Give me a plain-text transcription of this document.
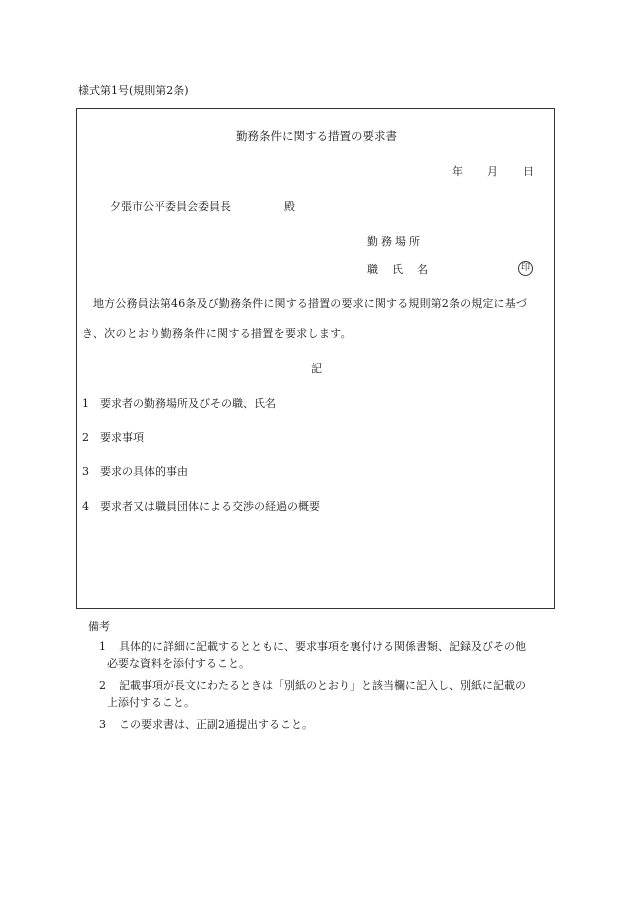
様式第1号(規則第2条)
勤務条件に関する措置の要求書
年 月 日
夕張市公平委員会委員長	殿
勤務場所
職 氏 名	印
地方公務員法第46条及び勤務条件に関する措置の要求に関する規則第2条の規定に基づ
き、次のとおり勤務条件に関する措置を要求します。
記
1 要求者の勤務場所及びその職、氏名
2 要求事項
3 要求の具体的事由
4 要求者又は職員団体による交渉の経過の概要
備考
1 具体的に詳細に記載するとともに、要求事項を裏付ける関係書類、記録及びその他
必要な資料を添付すること。
2 記載事項が長文にわたるときは「別紙のとおり」と該当欄に記入し、別紙に記載の
上添付すること。
3 この要求書は、正副2通提出すること。
